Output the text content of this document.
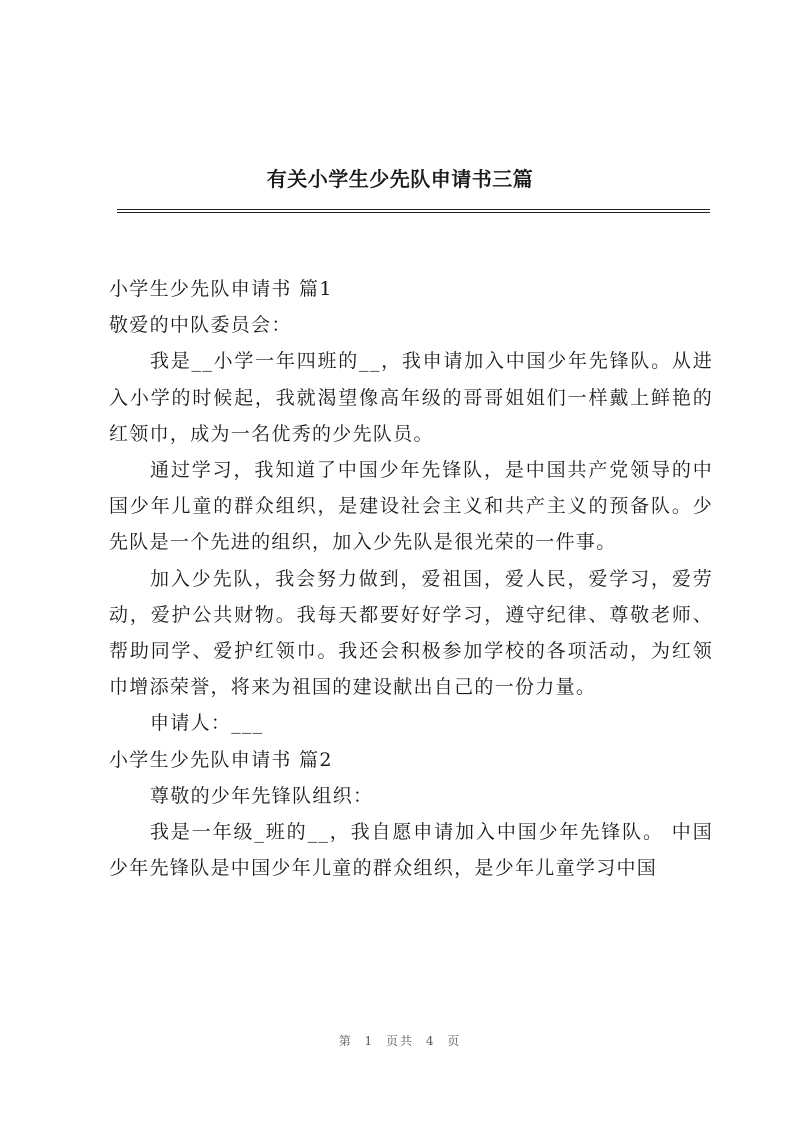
有关小学生少先队申请书三篇

小学生少先队申请书 篇1

敬爱的中队委员会：

我是__小学一年四班的__，我申请加入中国少年先锋队。从进入小学的时候起，我就渴望像高年级的哥哥姐姐们一样戴上鲜艳的红领巾，成为一名优秀的少先队员。

通过学习，我知道了中国少年先锋队，是中国共产党领导的中国少年儿童的群众组织，是建设社会主义和共产主义的预备队。少先队是一个先进的组织，加入少先队是很光荣的一件事。

加入少先队，我会努力做到，爱祖国，爱人民，爱学习，爱劳动，爱护公共财物。我每天都要好好学习，遵守纪律、尊敬老师、帮助同学、爱护红领巾。我还会积极参加学校的各项活动，为红领巾增添荣誉，将来为祖国的建设献出自己的一份力量。

申请人：___

小学生少先队申请书 篇2

尊敬的少年先锋队组织：

我是一年级_班的__，我自愿申请加入中国少年先锋队。 中国少年先锋队是中国少年儿童的群众组织，是少年儿童学习中国

第 1 页共 4 页
